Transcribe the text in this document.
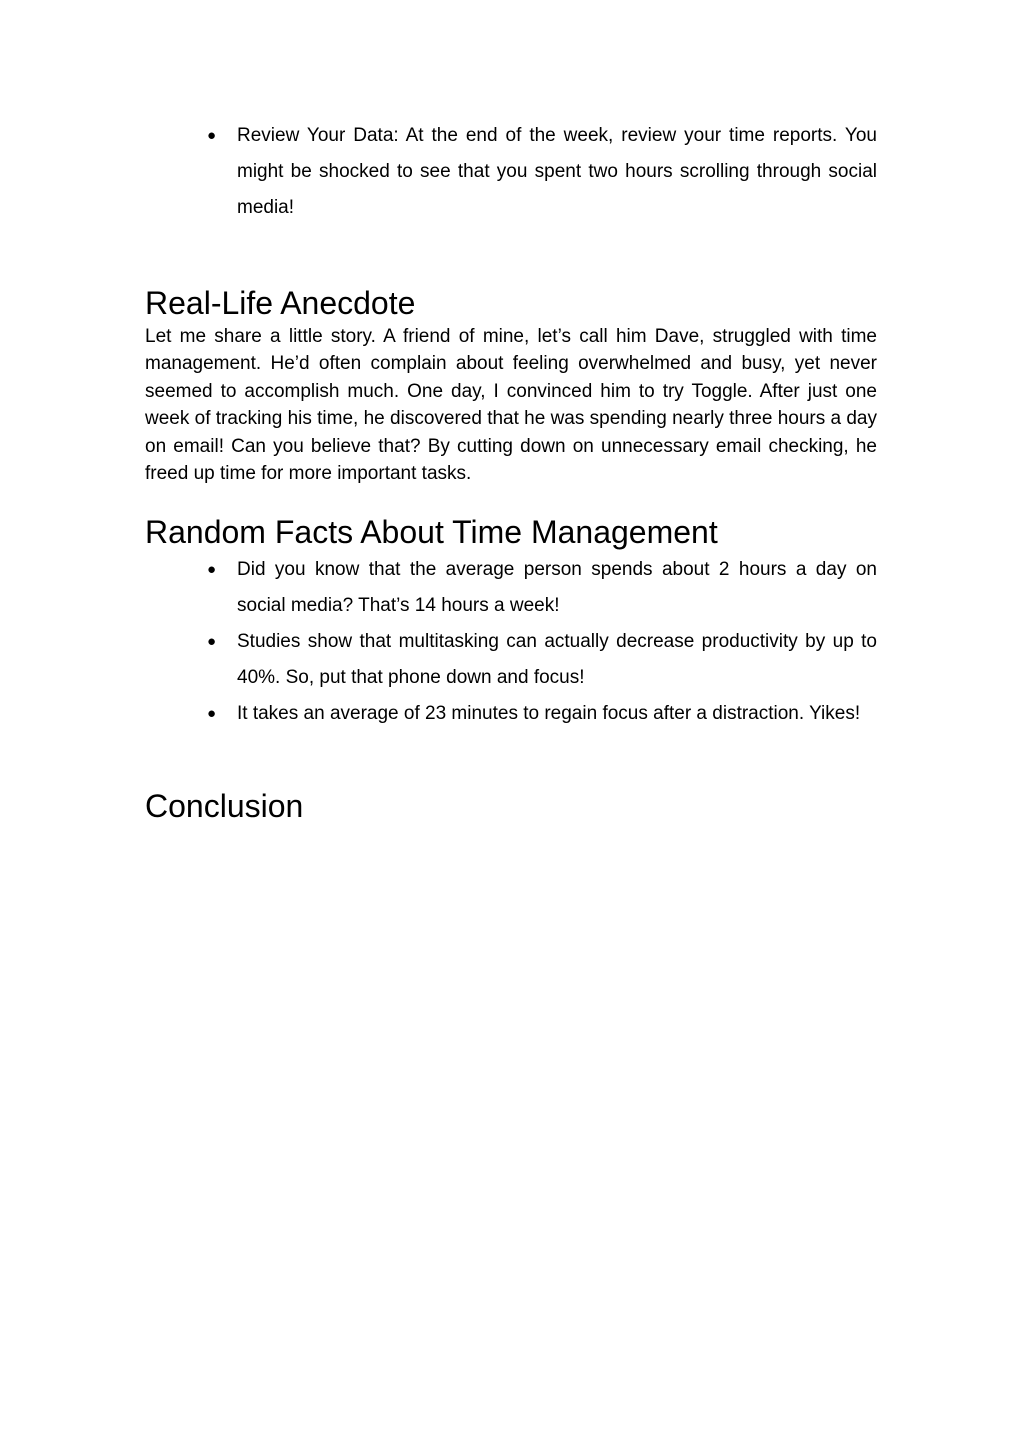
● Review Your Data: At the end of the week, review your time reports. You might be shocked to see that you spent two hours scrolling through social media!
Real-Life Anecdote

Let me share a little story. A friend of mine, let’s call him Dave, struggled with time management. He’d often complain about feeling overwhelmed and busy, yet never seemed to accomplish much. One day, I convinced him to try Toggle. After just one week of tracking his time, he discovered that he was spending nearly three hours a day on email! Can you believe that? By cutting down on unnecessary email checking, he freed up time for more important tasks.

Random Facts About Time Management
● Did you know that the average person spends about 2 hours a day on social media? That’s 14 hours a week!
● Studies show that multitasking can actually decrease productivity by up to 40%. So, put that phone down and focus!
● It takes an average of 23 minutes to regain focus after a distraction. Yikes!
Conclusion
